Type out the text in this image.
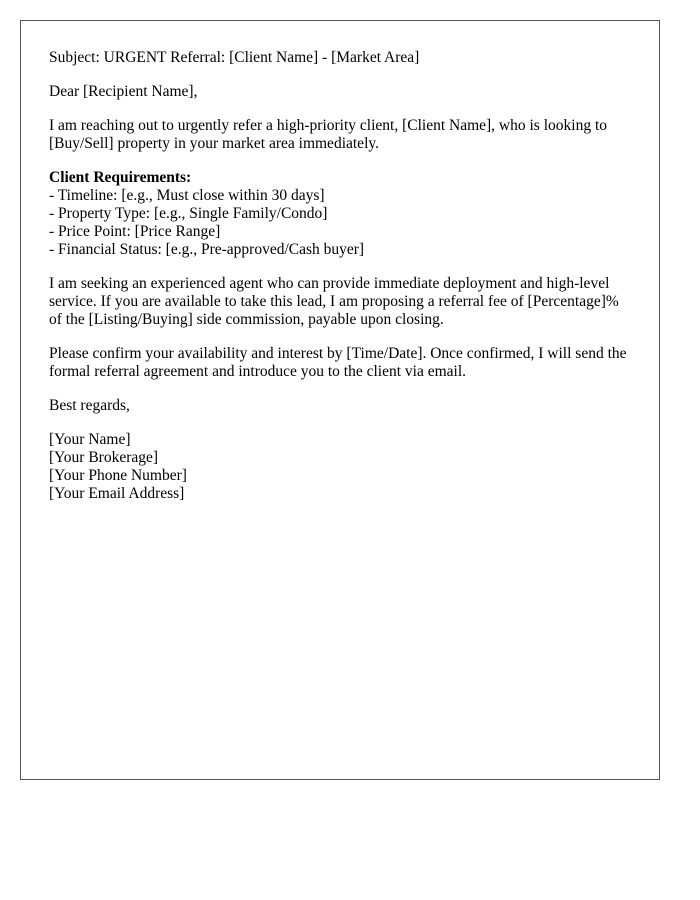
Subject: URGENT Referral: [Client Name] - [Market Area]

Dear [Recipient Name],

I am reaching out to urgently refer a high-priority client, [Client Name], who is looking to [Buy/Sell] property in your market area immediately.

Client Requirements:
- Timeline: [e.g., Must close within 30 days]
- Property Type: [e.g., Single Family/Condo]
- Price Point: [Price Range]
- Financial Status: [e.g., Pre-approved/Cash buyer]

I am seeking an experienced agent who can provide immediate deployment and high-level service. If you are available to take this lead, I am proposing a referral fee of [Percentage]% of the [Listing/Buying] side commission, payable upon closing.

Please confirm your availability and interest by [Time/Date]. Once confirmed, I will send the formal referral agreement and introduce you to the client via email.

Best regards,

[Your Name]
[Your Brokerage]
[Your Phone Number]
[Your Email Address]
